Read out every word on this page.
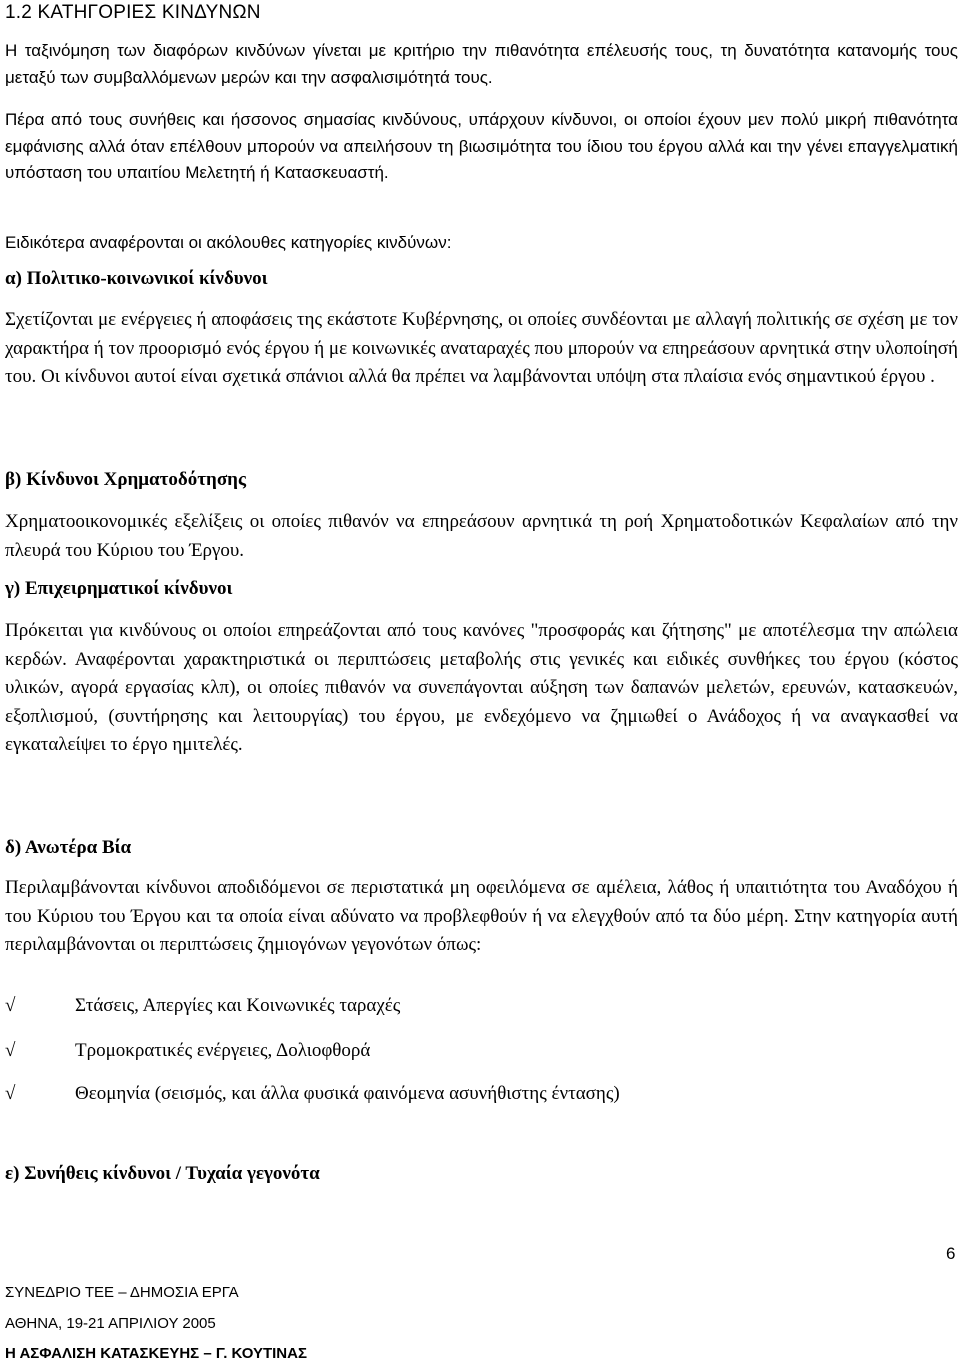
1.2 ΚΑΤΗΓΟΡΙΕΣ ΚΙΝΔΥΝΩΝ

Η ταξινόμηση των διαφόρων κινδύνων γίνεται με κριτήριο την πιθανότητα επέλευσής τους, τη δυνατότητα κατανομής τους μεταξύ των συμβαλλόμενων μερών και την ασφαλισιμότητά τους.

Πέρα από τους συνήθεις και ήσσονος σημασίας κινδύνους, υπάρχουν κίνδυνοι, οι οποίοι έχουν μεν πολύ μικρή πιθανότητα εμφάνισης αλλά όταν επέλθουν μπορούν να απειλήσουν τη βιωσιμότητα του ίδιου του έργου αλλά και την γένει επαγγελματική υπόσταση του υπαιτίου Μελετητή ή Κατασκευαστή.

Ειδικότερα αναφέρονται οι ακόλουθες κατηγορίες κινδύνων:

α) Πολιτικο-κοινωνικοί κίνδυνοι

Σχετίζονται με ενέργειες ή αποφάσεις της εκάστοτε Κυβέρνησης, οι οποίες συνδέονται με αλλαγή πολιτικής σε σχέση με τον χαρακτήρα ή τον προορισμό ενός έργου ή με κοινωνικές αναταραχές που μπορούν να επηρεάσουν αρνητικά στην υλοποίησή του. Οι κίνδυνοι αυτοί είναι σχετικά σπάνιοι αλλά θα πρέπει να λαμβάνονται υπόψη στα πλαίσια ενός σημαντικού έργου .

β) Κίνδυνοι Χρηματοδότησης

Χρηματοοικονομικές εξελίξεις οι οποίες πιθανόν να επηρεάσουν αρνητικά τη ροή Χρηματοδοτικών Κεφαλαίων από την πλευρά του Κύριου του Έργου.

γ) Επιχειρηματικοί κίνδυνοι

Πρόκειται για κινδύνους οι οποίοι επηρεάζονται από τους κανόνες "προσφοράς και ζήτησης" με αποτέλεσμα την απώλεια κερδών. Αναφέρονται χαρακτηριστικά οι περιπτώσεις μεταβολής στις γενικές και ειδικές συνθήκες του έργου (κόστος υλικών, αγορά εργασίας κλπ), οι οποίες πιθανόν να συνεπάγονται αύξηση των δαπανών μελετών, ερευνών, κατασκευών, εξοπλισμού, (συντήρησης και λειτουργίας) του έργου, με ενδεχόμενο να ζημιωθεί ο Ανάδοχος ή να αναγκασθεί να εγκαταλείψει το έργο ημιτελές.

δ) Ανωτέρα Βία

Περιλαμβάνονται κίνδυνοι αποδιδόμενοι σε περιστατικά μη οφειλόμενα σε αμέλεια, λάθος ή υπαιτιότητα του Αναδόχου ή του Κύριου του Έργου και τα οποία είναι αδύνατο να προβλεφθούν ή να ελεγχθούν από τα δύο μέρη. Στην κατηγορία αυτή περιλαμβάνονται οι περιπτώσεις ζημιογόνων γεγονότων όπως:

√	Στάσεις, Απεργίες και Κοινωνικές ταραχές
√	Τρομοκρατικές ενέργειες, Δολιοφθορά
√	Θεομηνία (σεισμός, και άλλα φυσικά φαινόμενα ασυνήθιστης έντασης)
ε) Συνήθεις κίνδυνοι / Τυχαία γεγονότα
6
ΣΥΝΕΔΡΙΟ ΤΕΕ – ΔΗΜΟΣΙΑ ΕΡΓΑ
ΑΘΗΝΑ, 19-21 ΑΠΡΙΛΙΟΥ 2005
Η ΑΣΦΑΛΙΣΗ ΚΑΤΑΣΚΕΥΗΣ – Γ. ΚΟΥΤΙΝΑΣ
